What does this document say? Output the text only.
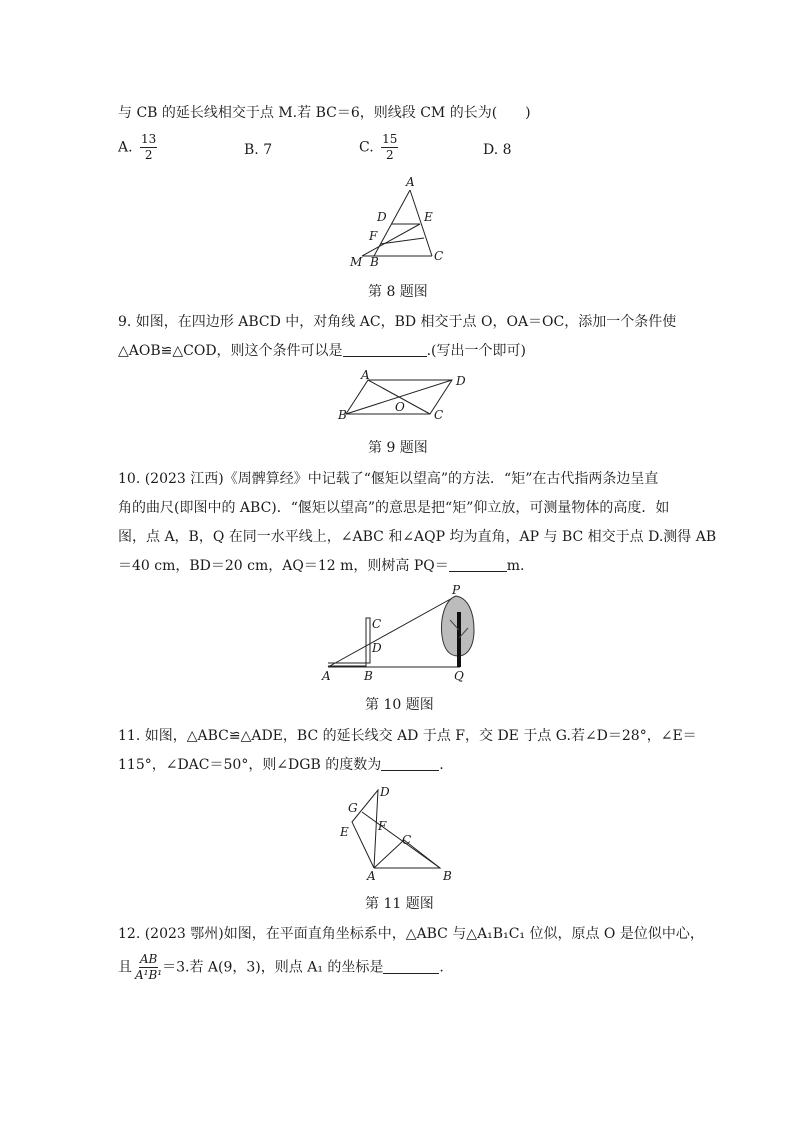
与 CB 的延长线相交于点 M.若 BC＝6，则线段 CM 的长为(　　)
A. $\frac{13}{2}$	B. 7	C. $\frac{15}{2}$	D. 8
A
D	E
F
M B	C
第 8 题图
9. 如图，在四边形 ABCD 中，对角线 AC，BD 相交于点 O，OA＝OC，添加一个条件使
△AOB≌△COD，则这个条件可以是	.(写出一个即可)
A	D
B
O
C
第 9 题图
10. (2023 江西)《周髀算经》中记载了“偃矩以望高”的方法．“矩”在古代指两条边呈直
角的曲尺(即图中的 ABC)．“偃矩以望高”的意思是把“矩”仰立放，可测量物体的高度．如
图，点 A，B，Q 在同一水平线上，∠ABC 和∠AQP 均为直角，AP 与 BC 相交于点 D.测得 AB
＝40 cm，BD＝20 cm，AQ＝12 m，则树高 PQ＝	m.
P
C
D
A	B	Q
第 10 题图
11. 如图，△ABC≌△ADE，BC 的延长线交 AD 于点 F，交 DE 于点 G.若∠D＝28°，∠E＝
115°，∠DAC＝50°，则∠DGB 的度数为	.
D
G
E F
C
A	B
第 11 题图
12. (2023 鄂州)如图，在平面直角坐标系中，△ABC 与△A₁B₁C₁ 位似，原点 O 是位似中心，
且 $\frac{AB}{\text{A¹B¹}} =3$.若 A(9，3)，则点 A₁ 的坐标是	.
